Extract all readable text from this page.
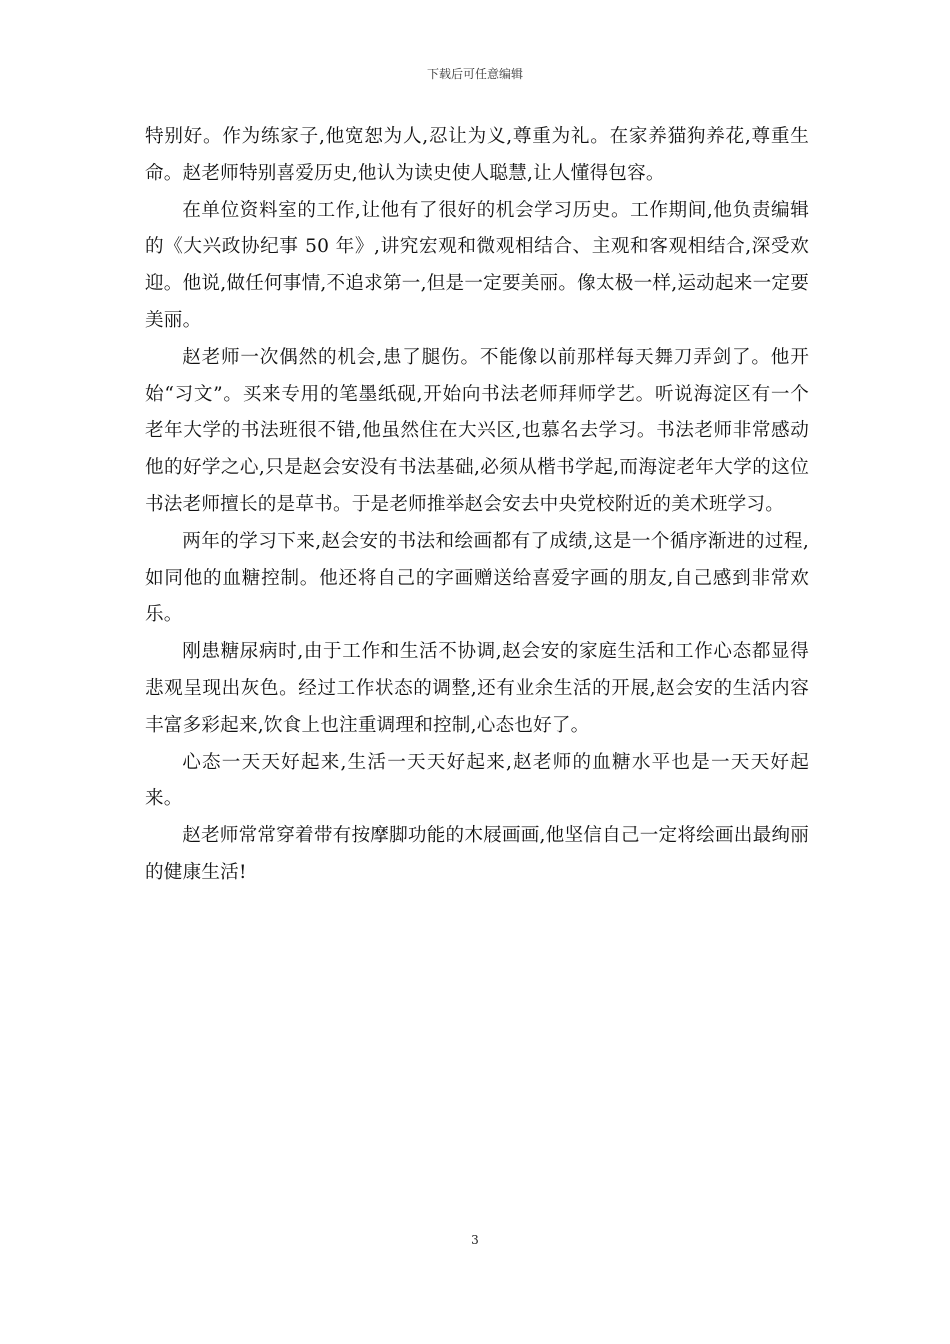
下载后可任意编辑

特别好。作为练家子,他宽恕为人,忍让为义,尊重为礼。在家养猫狗养花,尊重生命。赵老师特别喜爱历史,他认为读史使人聪慧,让人懂得包容。

在单位资料室的工作,让他有了很好的机会学习历史。工作期间,他负责编辑的《大兴政协纪事 50 年》,讲究宏观和微观相结合、主观和客观相结合,深受欢迎。他说,做任何事情,不追求第一,但是一定要美丽。像太极一样,运动起来一定要美丽。

赵老师一次偶然的机会,患了腿伤。不能像以前那样每天舞刀弄剑了。他开始“习文”。买来专用的笔墨纸砚,开始向书法老师拜师学艺。听说海淀区有一个老年大学的书法班很不错,他虽然住在大兴区,也慕名去学习。书法老师非常感动他的好学之心,只是赵会安没有书法基础,必须从楷书学起,而海淀老年大学的这位书法老师擅长的是草书。于是老师推举赵会安去中央党校附近的美术班学习。

两年的学习下来,赵会安的书法和绘画都有了成绩,这是一个循序渐进的过程,如同他的血糖控制。他还将自己的字画赠送给喜爱字画的朋友,自己感到非常欢乐。

刚患糖尿病时,由于工作和生活不协调,赵会安的家庭生活和工作心态都显得悲观呈现出灰色。经过工作状态的调整,还有业余生活的开展,赵会安的生活内容丰富多彩起来,饮食上也注重调理和控制,心态也好了。

心态一天天好起来,生活一天天好起来,赵老师的血糖水平也是一天天好起来。

赵老师常常穿着带有按摩脚功能的木屐画画,他坚信自己一定将绘画出最绚丽的健康生活!

3
